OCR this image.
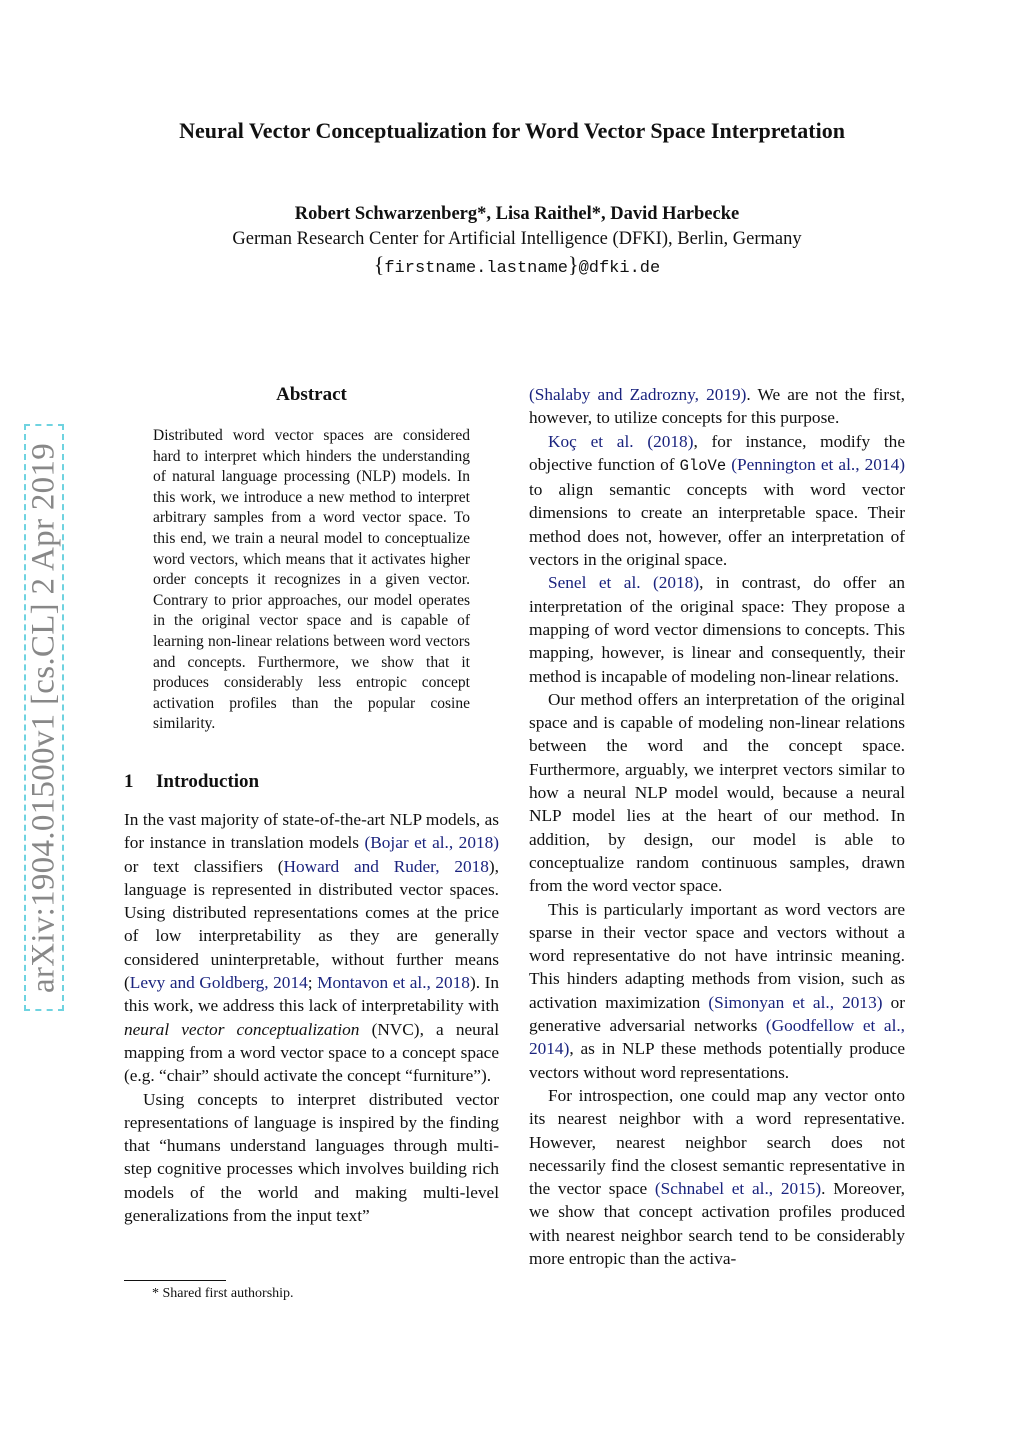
Neural Vector Conceptualization for Word Vector Space Interpretation
Robert Schwarzenberg*, Lisa Raithel*, David Harbecke
German Research Center for Artificial Intelligence (DFKI), Berlin, Germany
{firstname.lastname}@dfki.de
arXiv:1904.01500v1 [cs.CL] 2 Apr 2019
Abstract
Distributed word vector spaces are considered hard to interpret which hinders the understanding of natural language processing (NLP) models. In this work, we introduce a new method to interpret arbitrary samples from a word vector space. To this end, we train a neural model to conceptualize word vectors, which means that it activates higher order concepts it recognizes in a given vector. Contrary to prior approaches, our model operates in the original vector space and is capable of learning non-linear relations between word vectors and concepts. Furthermore, we show that it produces considerably less entropic concept activation profiles than the popular cosine similarity.
1 Introduction

In the vast majority of state-of-the-art NLP models, as for instance in translation models (Bojar et al., 2018) or text classifiers (Howard and Ruder, 2018), language is represented in distributed vector spaces. Using distributed representations comes at the price of low interpretability as they are generally considered uninterpretable, without further means (Levy and Goldberg, 2014; Montavon et al., 2018). In this work, we address this lack of interpretability with neural vector conceptualization (NVC), a neural mapping from a word vector space to a concept space (e.g. “chair” should activate the concept “furniture”).

Using concepts to interpret distributed vector representations of language is inspired by the finding that “humans understand languages through multi-step cognitive processes which involves building rich models of the world and making multi-level generalizations from the input text”

(Shalaby and Zadrozny, 2019). We are not the first, however, to utilize concepts for this purpose.

Koç et al. (2018), for instance, modify the objective function of GloVe (Pennington et al., 2014) to align semantic concepts with word vector dimensions to create an interpretable space. Their method does not, however, offer an interpretation of vectors in the original space.

Senel et al. (2018), in contrast, do offer an interpretation of the original space: They propose a mapping of word vector dimensions to concepts. This mapping, however, is linear and consequently, their method is incapable of modeling non-linear relations.

Our method offers an interpretation of the original space and is capable of modeling non-linear relations between the word and the concept space. Furthermore, arguably, we interpret vectors similar to how a neural NLP model would, because a neural NLP model lies at the heart of our method. In addition, by design, our model is able to conceptualize random continuous samples, drawn from the word vector space.

This is particularly important as word vectors are sparse in their vector space and vectors without a word representative do not have intrinsic meaning. This hinders adapting methods from vision, such as activation maximization (Simonyan et al., 2013) or generative adversarial networks (Goodfellow et al., 2014), as in NLP these methods potentially produce vectors without word representations.

For introspection, one could map any vector onto its nearest neighbor with a word representative. However, nearest neighbor search does not necessarily find the closest semantic representative in the vector space (Schnabel et al., 2015). Moreover, we show that concept activation profiles produced with nearest neighbor search tend to be considerably more entropic than the activa-

* Shared first authorship.
